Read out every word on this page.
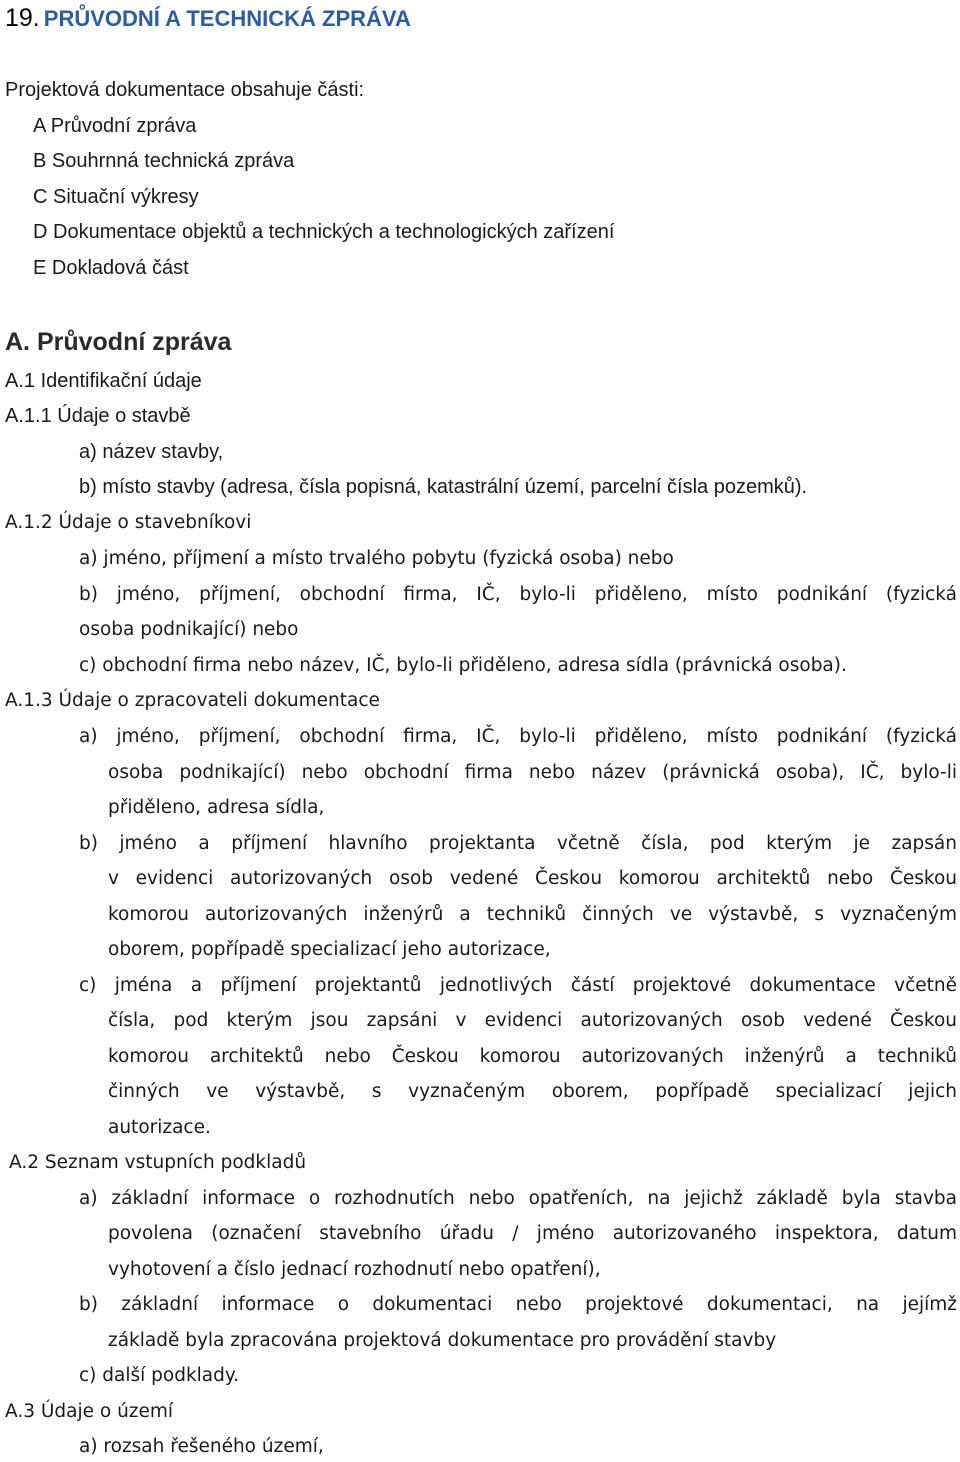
19. PRŮVODNÍ A TECHNICKÁ ZPRÁVA
Projektová dokumentace obsahuje části:
A Průvodní zpráva
B Souhrnná technická zpráva
C Situační výkresy
D Dokumentace objektů a technických a technologických zařízení
E Dokladová část
A. Průvodní zpráva
A.1 Identifikační údaje
A.1.1 Údaje o stavbě
a) název stavby,
b) místo stavby (adresa, čísla popisná, katastrální území, parcelní čísla pozemků).
A.1.2 Údaje o stavebníkovi
a) jméno, příjmení a místo trvalého pobytu (fyzická osoba) nebo
b) jméno, příjmení, obchodní firma, IČ, bylo-li přiděleno, místo podnikání (fyzická
osoba podnikající) nebo
c) obchodní firma nebo název, IČ, bylo-li přiděleno, adresa sídla (právnická osoba).
A.1.3 Údaje o zpracovateli dokumentace
a) jméno, příjmení, obchodní firma, IČ, bylo-li přiděleno, místo podnikání (fyzická
osoba podnikající) nebo obchodní firma nebo název (právnická osoba), IČ, bylo-li
přiděleno, adresa sídla,
b) jméno a příjmení hlavního projektanta včetně čísla, pod kterým je zapsán
v evidenci autorizovaných osob vedené Českou komorou architektů nebo Českou
komorou autorizovaných inženýrů a techniků činných ve výstavbě, s vyznačeným
oborem, popřípadě specializací jeho autorizace,
c) jména a příjmení projektantů jednotlivých částí projektové dokumentace včetně
čísla, pod kterým jsou zapsáni v evidenci autorizovaných osob vedené Českou
komorou architektů nebo Českou komorou autorizovaných inženýrů a techniků
činných ve výstavbě, s vyznačeným oborem, popřípadě specializací jejich
autorizace.
A.2 Seznam vstupních podkladů
a) základní informace o rozhodnutích nebo opatřeních, na jejichž základě byla stavba
povolena (označení stavebního úřadu / jméno autorizovaného inspektora, datum
vyhotovení a číslo jednací rozhodnutí nebo opatření),
b) základní informace o dokumentaci nebo projektové dokumentaci, na jejímž
základě byla zpracována projektová dokumentace pro provádění stavby
c) další podklady.
A.3 Údaje o území
a) rozsah řešeného území,
